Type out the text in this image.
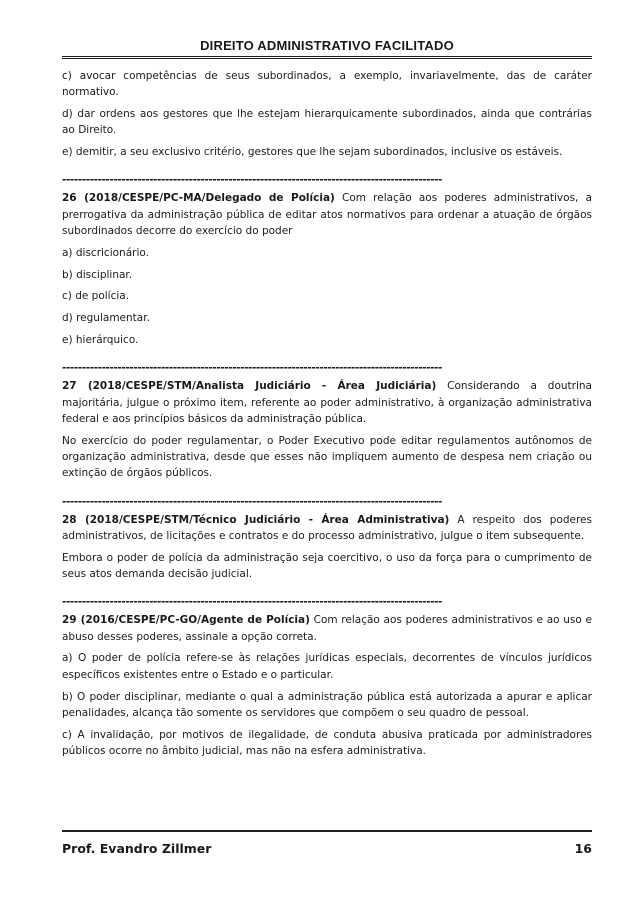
DIREITO ADMINISTRATIVO FACILITADO

c) avocar competências de seus subordinados, a exemplo, invariavelmente, das de caráter normativo.

d) dar ordens aos gestores que lhe estejam hierarquicamente subordinados, ainda que contrárias ao Direito.

e) demitir, a seu exclusivo critério, gestores que lhe sejam subordinados, inclusive os estáveis.

------------------------------------------------------------------------------------------------

26 (2018/CESPE/PC-MA/Delegado de Polícia) Com relação aos poderes administrativos, a prerrogativa da administração pública de editar atos normativos para ordenar a atuação de órgãos subordinados decorre do exercício do poder

a) discricionário.

b) disciplinar.

c) de polícia.

d) regulamentar.

e) hierárquico.

------------------------------------------------------------------------------------------------

27 (2018/CESPE/STM/Analista Judiciário - Área Judiciária) Considerando a doutrina majoritária, julgue o próximo item, referente ao poder administrativo, à organização administrativa federal e aos princípios básicos da administração pública.

No exercício do poder regulamentar, o Poder Executivo pode editar regulamentos autônomos de organização administrativa, desde que esses não impliquem aumento de despesa nem criação ou extinção de órgãos públicos.

------------------------------------------------------------------------------------------------

28 (2018/CESPE/STM/Técnico Judiciário - Área Administrativa) A respeito dos poderes administrativos, de licitações e contratos e do processo administrativo, julgue o item subsequente.

Embora o poder de polícia da administração seja coercitivo, o uso da força para o cumprimento de seus atos demanda decisão judicial.

------------------------------------------------------------------------------------------------

29 (2016/CESPE/PC-GO/Agente de Polícia) Com relação aos poderes administrativos e ao uso e abuso desses poderes, assinale a opção correta.

a) O poder de polícia refere-se às relações jurídicas especiais, decorrentes de vínculos jurídicos específicos existentes entre o Estado e o particular.

b) O poder disciplinar, mediante o qual a administração pública está autorizada a apurar e aplicar penalidades, alcança tão somente os servidores que compõem o seu quadro de pessoal.

c) A invalidação, por motivos de ilegalidade, de conduta abusiva praticada por administradores públicos ocorre no âmbito judicial, mas não na esfera administrativa.

Prof. Evandro Zillmer	16
